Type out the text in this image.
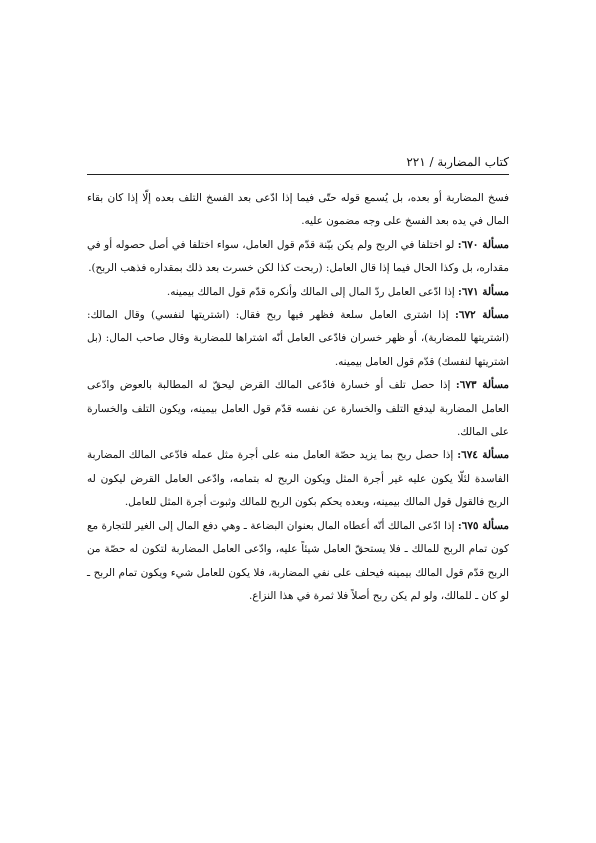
كتاب المضاربة / ٢٢١

فسخ المضاربة أو بعده، بل يُسمع قوله حتّى فيما إذا ادّعى بعد الفسخ التلف بعده إلّا إذا كان بقاء المال في يده بعد الفسخ على وجه مضمون عليه.

مسألة ٦٧٠: لو اختلفا في الربح ولم يكن بيّنة قدّم قول العامل، سواء اختلفا في أصل حصوله أو في مقداره، بل وكذا الحال فيما إذا قال العامل: (ربحت كذا لكن خسرت بعد ذلك بمقداره فذهب الربح).

مسألة ٦٧١: إذا ادّعى العامل ردّ المال إلى المالك وأنكره قدّم قول المالك بيمينه.

مسألة ٦٧٢: إذا اشترى العامل سلعة فظهر فيها ربح فقال: (اشتريتها لنفسي) وقال المالك: (اشتريتها للمضاربة)، أو ظهر خسران فادّعى العامل أنّه اشتراها للمضاربة وقال صاحب المال: (بل اشتريتها لنفسك) قدّم قول العامل بيمينه.

مسألة ٦٧٣: إذا حصل تلف أو خسارة فادّعى المالك القرض ليحقّ له المطالبة بالعوض وادّعى العامل المضاربة ليدفع التلف والخسارة عن نفسه قدّم قول العامل بيمينه، ويكون التلف والخسارة على المالك.

مسألة ٦٧٤: إذا حصل ربح بما يزيد حصّة العامل منه على أجرة مثل عمله فادّعى المالك المضاربة الفاسدة لئلّا يكون عليه غير أجرة المثل ويكون الربح له بتمامه، وادّعى العامل القرض ليكون له الربح فالقول قول المالك بيمينه، وبعده يحكم بكون الربح للمالك وثبوت أجرة المثل للعامل.

مسألة ٦٧٥: إذا ادّعى المالك أنّه أعطاه المال بعنوان البضاعة ـ وهي دفع المال إلى الغير للتجارة مع كون تمام الربح للمالك ـ فلا يستحقّ العامل شيئاً عليه، وادّعى العامل المضاربة لتكون له حصّة من الربح قدّم قول المالك بيمينه فيحلف على نفي المضاربة، فلا يكون للعامل شيء ويكون تمام الربح ـ لو كان ـ للمالك، ولو لم يكن ربح أصلاً فلا ثمرة في هذا النزاع.
